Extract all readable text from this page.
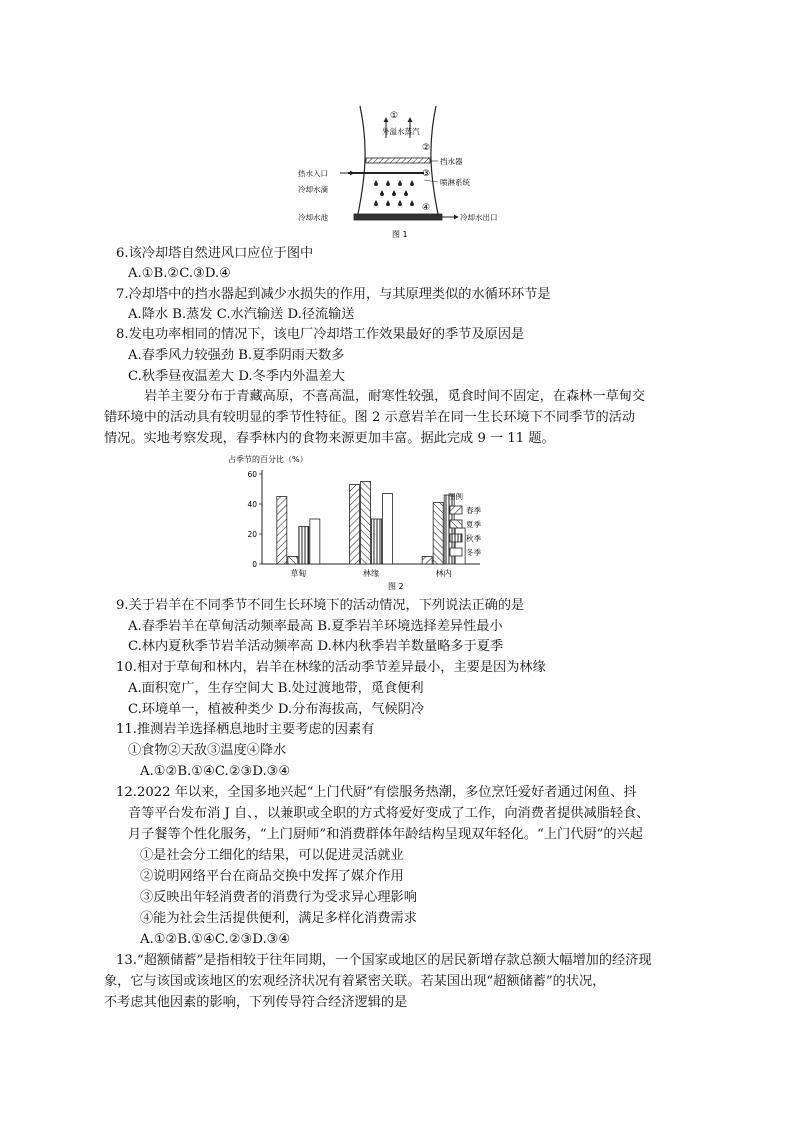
①
外溢水蒸汽
②
挡水器
热水入口	③
喷淋系统
冷却水滴
④
冷却水池	冷却水出口
图 1
6.该冷却塔自然进风口应位于图中
A.①B.②C.③D.④
7.冷却塔中的挡水器起到减少水损失的作用，与其原理类似的水循环环节是
A.降水 B.蒸发 C.水汽输送 D.径流输送
8.发电功率相同的情况下，该电厂冷却塔工作效果最好的季节及原因是
A.春季风力较强劲 B.夏季阴雨天数多
C.秋季昼夜温差大 D.冬季内外温差大
岩羊主要分布于青藏高原，不喜高温，耐寒性较强，觅食时间不固定，在森林一草甸交
错环境中的活动具有较明显的季节性特征。图 2 示意岩羊在同一生长环境下不同季节的活动
情况。实地考察发现，春季林内的食物来源更加丰富。据此完成 9 一 11 题。
占季节的百分比（%）
60
40
20
0
草甸	林缘	林内
图例
春季
夏季
秋季
冬季
图 2
9.关于岩羊在不同季节不同生长环境下的活动情况，下列说法正确的是
A.春季岩羊在草甸活动频率最高 B.夏季岩羊环境选择差异性最小
C.林内夏秋季节岩羊活动频率高 D.林内秋季岩羊数量略多于夏季
10.相对于草甸和林内，岩羊在林缘的活动季节差异最小，主要是因为林缘
A.面积宽广，生存空间大 B.处过渡地带，觅食便利
C.环境单一，植被种类少 D.分布海拔高，气候阴冷
11.推测岩羊选择栖息地时主要考虑的因素有
①食物②天敌③温度④降水
A.①②B.①④C.②③D.③④
12.2022 年以来，全国多地兴起“上门代厨”有偿服务热潮，多位烹饪爱好者通过闲鱼、抖
音等平台发布消 J 自、，以兼职或全职的方式将爱好变成了工作，向消费者提供减脂轻食、
月子餐等个性化服务，“上门厨师”和消费群体年龄结构呈现双年轻化。“上门代厨”的兴起
①是社会分工细化的结果，可以促进灵活就业
②说明网络平台在商品交换中发挥了媒介作用
③反映出年轻消费者的消费行为受求异心理影响
④能为社会生活提供便利，满足多样化消费需求
A.①②B.①④C.②③D.③④
13.“超额储蓄”是指相较于往年同期，一个国家或地区的居民新增存款总额大幅增加的经济现
象，它与该国或该地区的宏观经济状况有着紧密关联。若某国出现“超额储蓄”的状况，
不考虑其他因素的影响，下列传导符合经济逻辑的是
